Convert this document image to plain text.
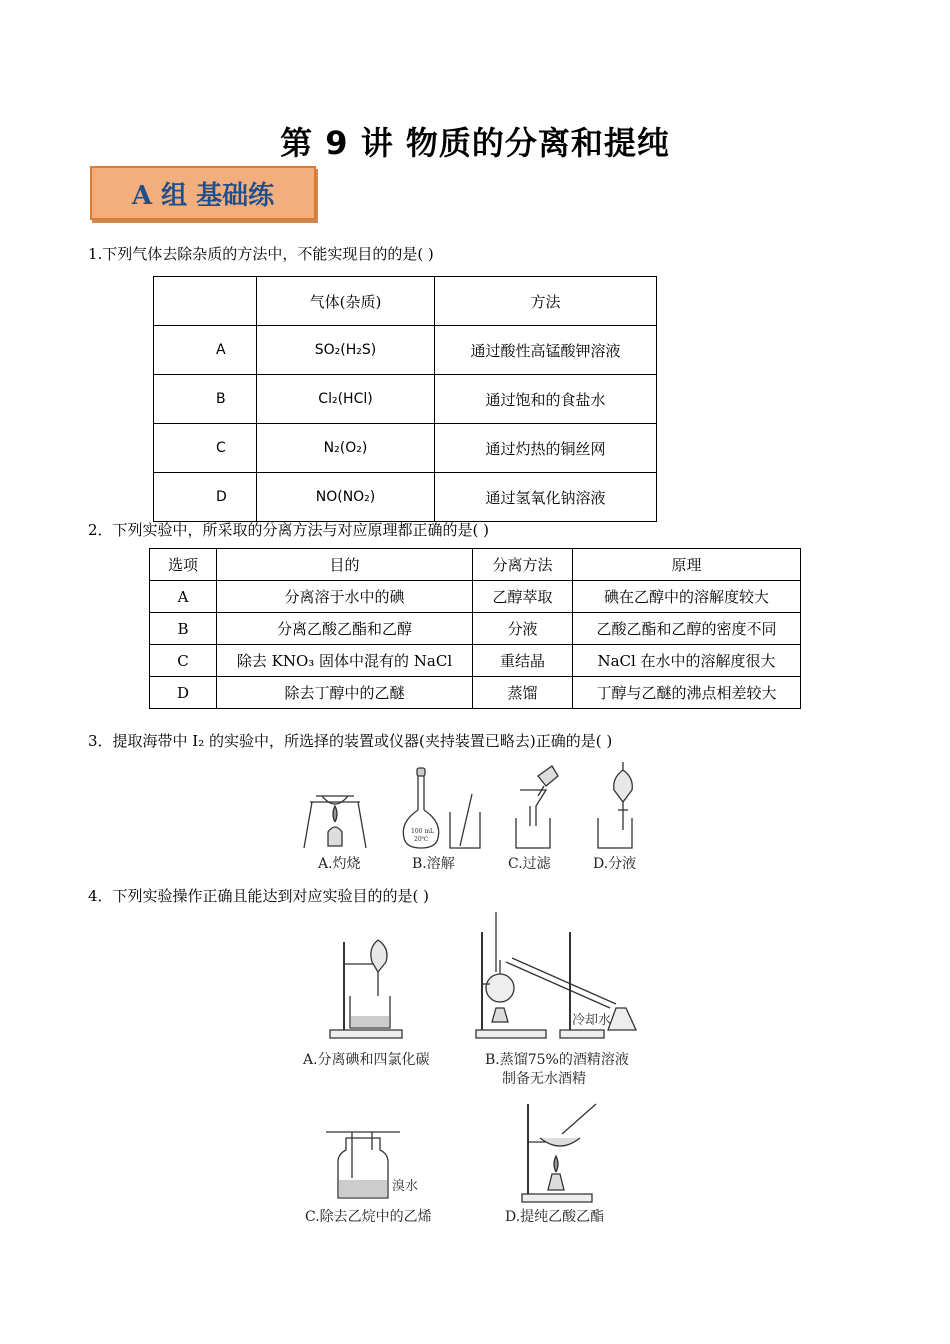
第 9 讲 物质的分离和提纯
A 组 基础练
1.下列气体去除杂质的方法中，不能实现目的的是( )
	气体(杂质)	方法
A	SO₂(H₂S)	通过酸性高锰酸钾溶液
B	Cl₂(HCl)	通过饱和的食盐水
C	N₂(O₂)	通过灼热的铜丝网
D	NO(NO₂)	通过氢氧化钠溶液
2．下列实验中，所采取的分离方法与对应原理都正确的是( )
选项	目的	分离方法	原理
A	分离溶于水中的碘	乙醇萃取	碘在乙醇中的溶解度较大
B	分离乙酸乙酯和乙醇	分液	乙酸乙酯和乙醇的密度不同
C	除去 KNO₃ 固体中混有的 NaCl	重结晶	NaCl 在水中的溶解度很大
D	除去丁醇中的乙醚	蒸馏	丁醇与乙醚的沸点相差较大
3．提取海带中 I₂ 的实验中，所选择的装置或仪器(夹持装置已略去)正确的是( )
100 mL
20℃
A.灼烧	B.溶解	C.过滤	D.分液
4．下列实验操作正确且能达到对应实验目的的是( )
冷却水
A.分离碘和四氯化碳	B.蒸馏75%的酒精溶液
制备无水酒精
溴水
C.除去乙烷中的乙烯	D.提纯乙酸乙酯
